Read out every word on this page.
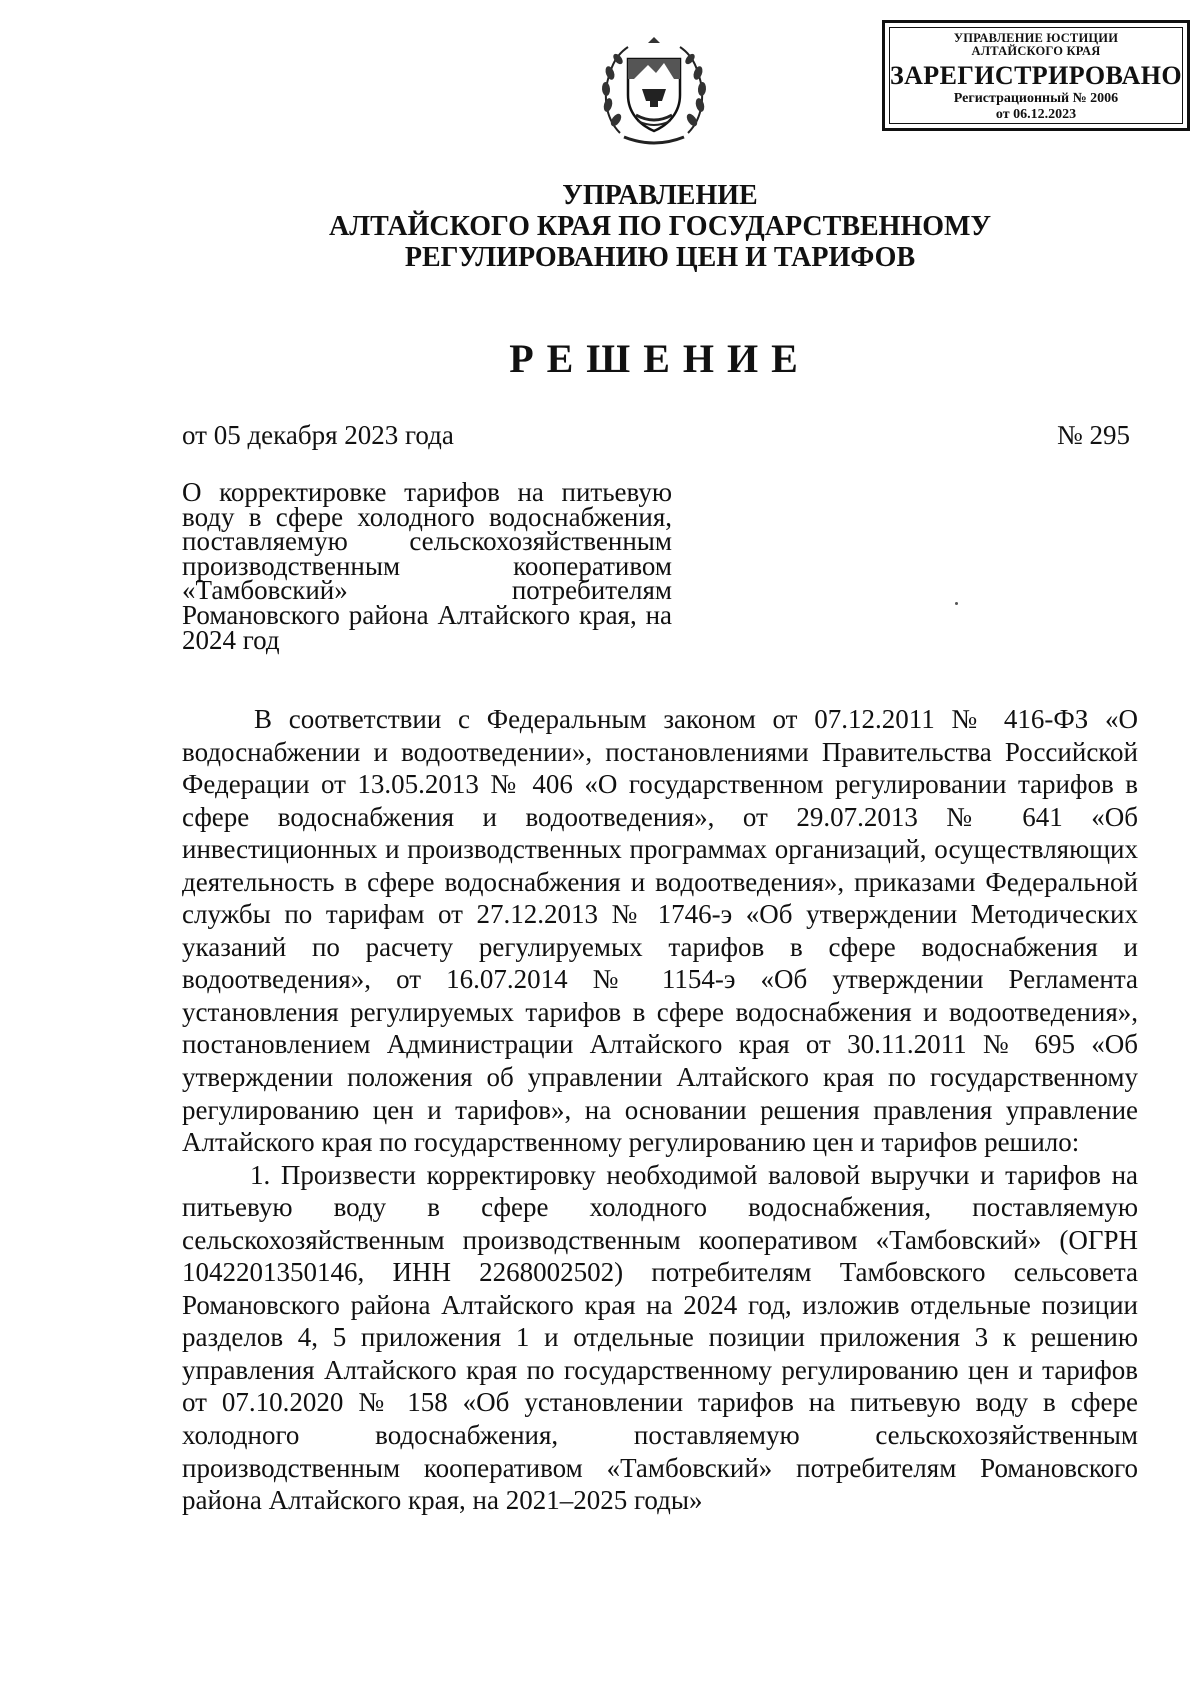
УПРАВЛЕНИЕ ЮСТИЦИИ
АЛТАЙСКОГО КРАЯ
ЗАРЕГИСТРИРОВАНО
Регистрационный № 2006
от 06.12.2023
УПРАВЛЕНИЕ
АЛТАЙСКОГО КРАЯ ПО ГОСУДАРСТВЕННОМУ
РЕГУЛИРОВАНИЮ ЦЕН И ТАРИФОВ
РЕШЕНИЕ
от 05 декабря 2023 года	№ 295
О корректировке тарифов на питьевую воду в сфере холодного водоснабжения, поставляемую сельскохозяйственным производственным кооперативом «Тамбовский» потребителям Романовского района Алтайского края, на 2024 год

В соответствии с Федеральным законом от 07.12.2011 № 416-ФЗ «О водоснабжении и водоотведении», постановлениями Правительства Российской Федерации от 13.05.2013 № 406 «О государственном регулировании тарифов в сфере водоснабжения и водоотведения», от 29.07.2013 № 641 «Об инвестиционных и производственных программах организаций, осуществляющих деятельность в сфере водоснабжения и водоотведения», приказами Федеральной службы по тарифам от 27.12.2013 № 1746-э «Об утверждении Методических указаний по расчету регулируемых тарифов в сфере водоснабжения и водоотведения», от 16.07.2014 № 1154-э «Об утверждении Регламента установления регулируемых тарифов в сфере водоснабжения и водоотведения», постановлением Администрации Алтайского края от 30.11.2011 № 695 «Об утверждении положения об управлении Алтайского края по государственному регулированию цен и тарифов», на основании решения правления управление Алтайского края по государственному регулированию цен и тарифов решило:

1. Произвести корректировку необходимой валовой выручки и тарифов на питьевую воду в сфере холодного водоснабжения, поставляемую сельскохозяйственным производственным кооперативом «Тамбовский» (ОГРН 1042201350146, ИНН 2268002502) потребителям Тамбовского сельсовета Романовского района Алтайского края на 2024 год, изложив отдельные позиции разделов 4, 5 приложения 1 и отдельные позиции приложения 3 к решению управления Алтайского края по государственному регулированию цен и тарифов от 07.10.2020 № 158 «Об установлении тарифов на питьевую воду в сфере холодного водоснабжения, поставляемую сельскохозяйственным производственным кооперативом «Тамбовский» потребителям Романовского района Алтайского края, на 2021–2025 годы»
